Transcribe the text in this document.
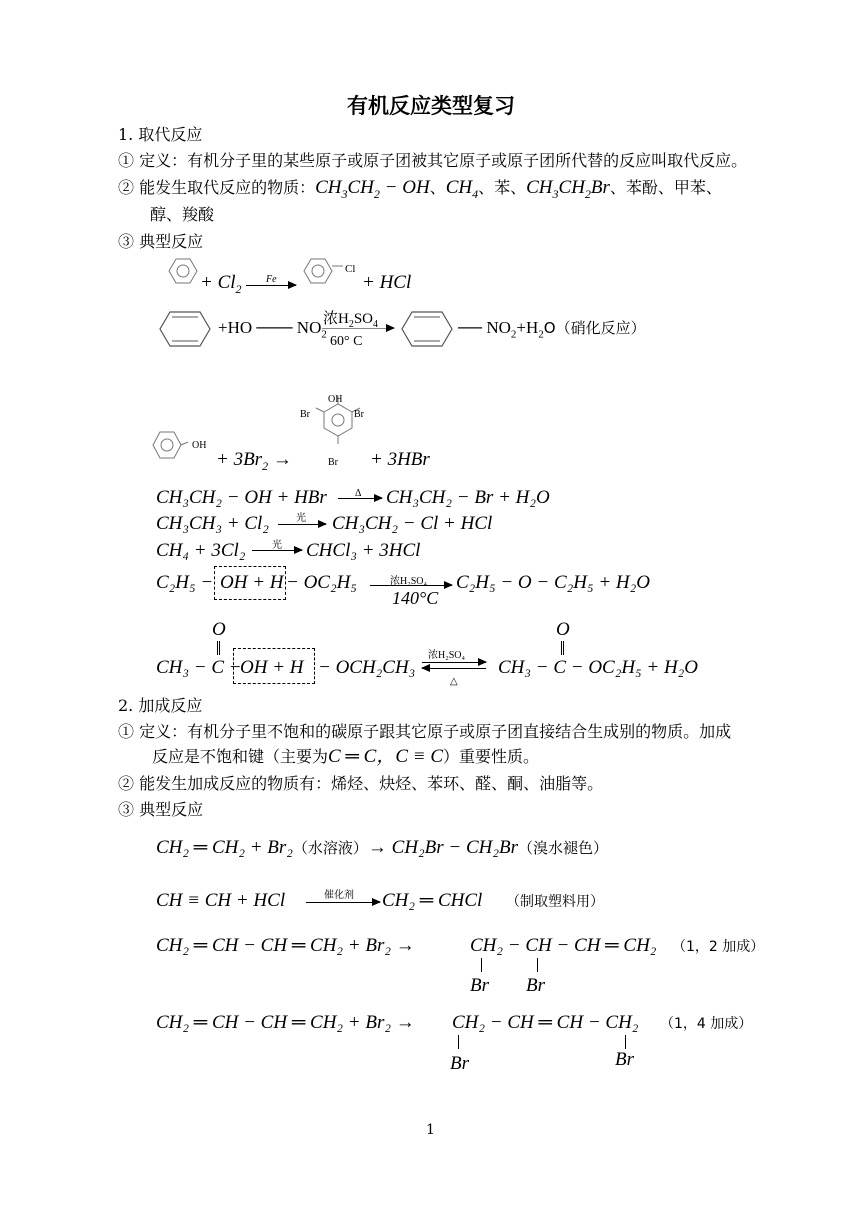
有机反应类型复习
1. 取代反应
① 定义：有机分子里的某些原子或原子团被其它原子或原子团所代替的反应叫取代反应。
② 能发生取代反应的物质：$CH_3CH_2$ − OH、$CH_4$、苯、$CH_3CH_2Br$、苯酚、甲苯、
醇、羧酸
③ 典型反应
+ $Cl_2$
Fe
Cl
+ HCl
+HO ─── $NO_2$
浓$H_2SO_4$
60° C
── $NO_2+H_2O$（硝化反应）
OH
Br	Br
Br
OH
+ $3Br_2$ →	+ 3HBr
CH₃CH₂ − OH + HBr	Δ CH₃CH₂ − Br + H₂O
CH₃CH₃ + Cl₂	光 CH₃CH₂ − Cl + HCl
CH₄ + 3Cl₂	光 CHCl₃ + 3HCl
C₂H₅ − OH + H − OC₂H₅	浓H₂SO₄
140°C
C₂H₅ − O − C₂H₅ + H₂O
O
CH₃ − C −
OH + H − OCH₂CH₃
浓H₂SO₄
△
O
CH₃ − C − OC₂H₅ + H₂O
2. 加成反应
① 定义：有机分子里不饱和的碳原子跟其它原子或原子团直接结合生成别的物质。加成
反应是不饱和键（主要为C ═ C，C ≡ C）重要性质。
② 能发生加成反应的物质有：烯烃、炔烃、苯环、醛、酮、油脂等。
③ 典型反应
CH₂ ═ CH₂ + Br₂（水溶液）→ CH₂Br − CH₂Br（溴水褪色）
CH ≡ CH + HCl	催化剂 CH₂ ═ CHCl （制取塑料用）
CH₂ ═ CH − CH ═ CH₂ + Br₂ →	CH₂ − CH − CH ═ CH₂ （1，2 加成）
Br Br
CH₂ ═ CH − CH ═ CH₂ + Br₂ → CH₂ − CH ═ CH − CH₂ （1，4 加成）
Br	Br
1
